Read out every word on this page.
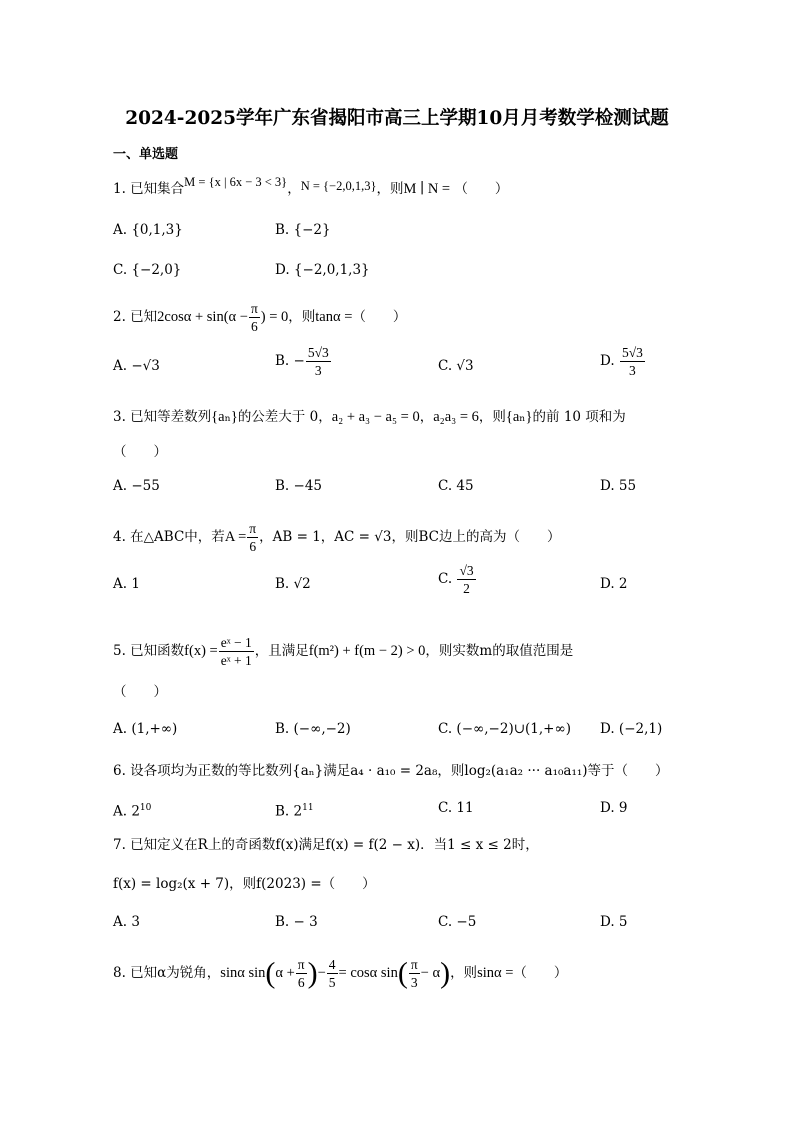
2024-2025学年广东省揭阳市高三上学期10月月考数学检测试题
一、单选题
1. 已知集合M = {x | 6x − 3 < 3}，N = {−2,0,1,3}，则M ∣ N = （　　）
A. {0,1,3}	B. {−2}
C. {−2,0}	D. {−2,0,1,3}
2. 已知$2\cos\alpha + \sin(\alpha - \frac{\pi}{6}$ ) = 0，则tanα =（　　）
A. −√3	B. − $\frac{5√3}{3}$	C. √3	D. $\frac{5√3}{3}$
3. 已知等差数列{aₙ}的公差大于 0，a₂ + a₃ − a₅ = 0，a₂a₃ = 6，则{aₙ}的前 10 项和为
（　　）
A. −55	B. −45	C. 45	D. 55
4. 在△ABC中，若$A = \frac{\pi}{6}$ ，AB = 1，AC = √3，则BC边上的高为（　　）
A. 1	B. √2	C. $\frac{√3}{2}$	D. 2
5. 已知函数$f(x) = \frac{\text{eˣ − 1}}{\text{eˣ + 1}}$ ，且满足f(m²) + f(m − 2) > 0，则实数m的取值范围是
（　　）
A. (1,+∞)	B. (−∞,−2)	C. (−∞,−2)∪(1,+∞) D. (−2,1)
6. 设各项均为正数的等比数列{aₙ}满足a₄ · a₁₀ = 2a₈，则log₂(a₁a₂ ··· a₁₀a₁₁)等于（　　）
A. $2^{10}$	B. $2^{11}$	C. 11	D. 9
7. 已知定义在R上的奇函数f(x)满足f(x) = f(2 − x)．当1 ≤ x ≤ 2时，
f(x) = log₂(x + 7)，则f(2023) =（　　）
A. 3	B. − 3	C. −5	D. 5
8. 已知α为锐角，sinα $\sin(\alpha + \frac{\pi}{6}$ )− $\frac{4}{5} = \cos\alpha$ $\sin( \frac{\pi}{3} - \alpha)$，则sinα =（　　）
